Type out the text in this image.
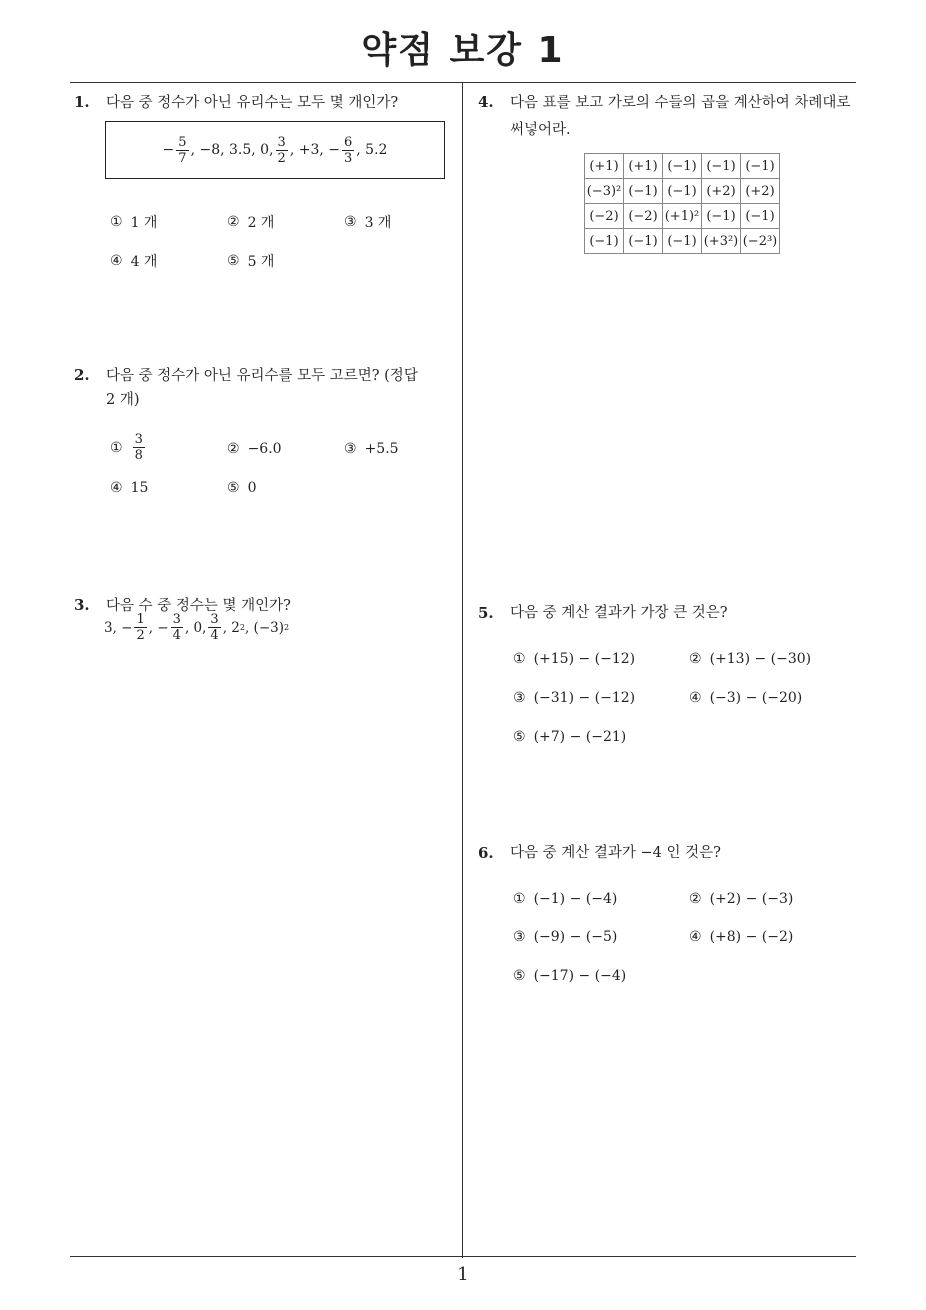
약점 보강 1
1
1. 다음 중 정수가 아닌 유리수는 모두 몇 개인가?
− $\frac{5}{7}$ , −8, 3.5, 0, $\frac{3}{2}$ , +3, − $\frac{6}{3}$ , 5.2
① 1 개	② 2 개	③ 3 개
④ 4 개	⑤ 5 개
2. 다음 중 정수가 아닌 유리수를 모두 고르면? (정답
2 개)
① $\frac{3}{8}$	② −6.0	③ +5.5
④ 15	⑤ 0
3. 다음 수 중 정수는 몇 개인가?
3, − $\frac{1}{2}$ , − $\frac{3}{4}$ , 0, $\frac{3}{4}$ , 2 2 , (−3) 2
4. 다음 표를 보고 가로의 수들의 곱을 계산하여 차례대로
써넣어라.
(+1)	(+1)	(−1)	(−1)	(−1)
(−3)²	(−1)	(−1)	(+2)	(+2)
(−2)	(−2)	(+1)²	(−1)	(−1)
(−1)	(−1)	(−1)	(+3²)	(−2³)
5. 다음 중 계산 결과가 가장 큰 것은?
① (+15) − (−12)	② (+13) − (−30)
③ (−31) − (−12)	④ (−3) − (−20)
⑤ (+7) − (−21)
6. 다음 중 계산 결과가 −4 인 것은?
① (−1) − (−4)	② (+2) − (−3)
③ (−9) − (−5)	④ (+8) − (−2)
⑤ (−17) − (−4)
